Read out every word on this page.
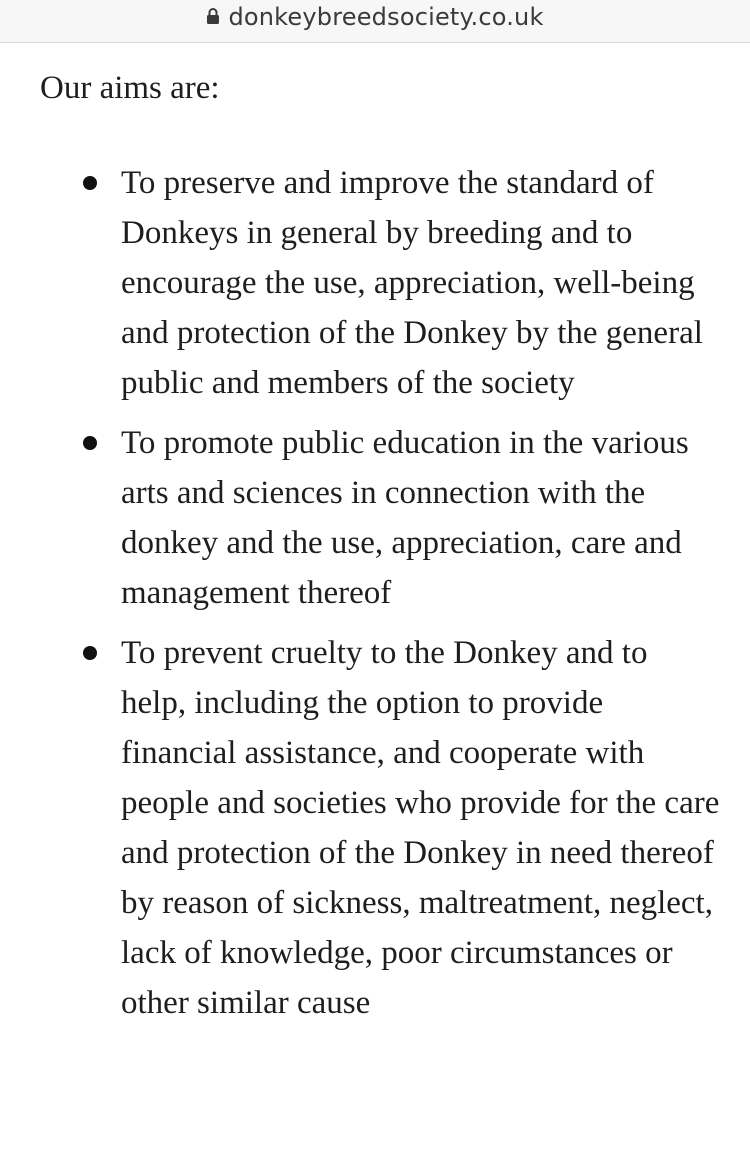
donkeybreedsociety.co.uk

Our aims are:

To preserve and improve the standard of Donkeys in general by breeding and to encourage the use, appreciation, well-being and protection of the Donkey by the general public and members of the society
To promote public education in the various arts and sciences in connection with the donkey and the use, appreciation, care and management thereof
To prevent cruelty to the Donkey and to help, including the option to provide financial assistance, and cooperate with people and societies who provide for the care and protection of the Donkey in need thereof by reason of sickness, maltreatment, neglect, lack of knowledge, poor circumstances or other similar cause
